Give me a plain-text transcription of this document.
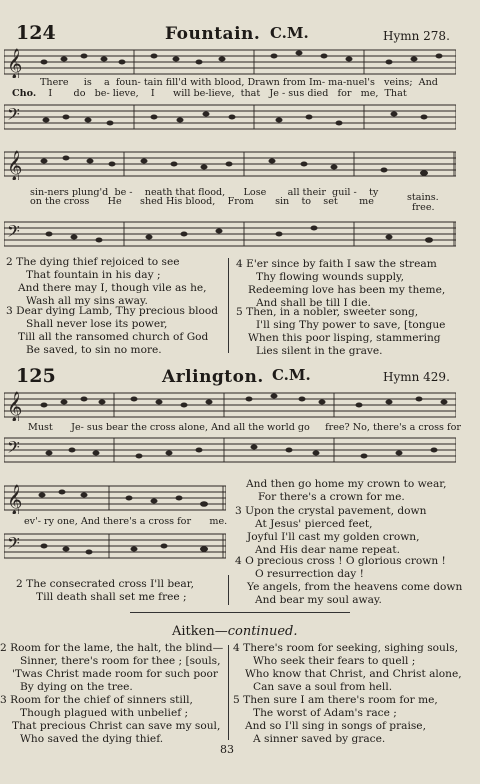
124	Fountain. C.M.	Hymn 278.
𝄞
There is a foun- tain fill'd with blood, Drawn from Im- ma-nuel's veins; And
Cho. I do be- lieve, I will be-lieve, that Je - sus died for me, That
𝄢
𝄞
sin-ners plung'd be - neath that flood, Lose all their guil - ty	stains.
on the cross He shed His blood, From sin to set me
free.
𝄢
2 The dying thief rejoiced to see
That fountain in his day ;
And there may I, though vile as he,
Wash all my sins away.
3 Dear dying Lamb, Thy precious blood
Shall never lose its power,
Till all the ransomed church of God
Be saved, to sin no more.
4 E'er since by faith I saw the stream
Thy flowing wounds supply,
Redeeming love has been my theme,
And shall be till I die.
5 Then, in a nobler, sweeter song,
I'll sing Thy power to save, [tongue
When this poor lisping, stammering
Lies silent in the grave.
125	Arlington. C.M.	Hymn 429.
𝄞
Must Je- sus bear the cross alone, And all the world go free? No, there's a cross for
𝄢
𝄞
ev'- ry one, And there's a cross for me.
𝄢
And then go home my crown to wear,
For there's a crown for me.
3 Upon the crystal pavement, down
At Jesus' pierced feet,
Joyful I'll cast my golden crown,
And His dear name repeat.
4 O precious cross ! O glorious crown !
O resurrection day !
Ye angels, from the heavens come down
And bear my soul away.
2 The consecrated cross I'll bear,
Till death shall set me free ;
Aitken—continued.
2 Room for the lame, the halt, the blind—
Sinner, there's room for thee ; [souls,
'Twas Christ made room for such poor
By dying on the tree.
3 Room for the chief of sinners still,
Though plagued with unbelief ;
That precious Christ can save my soul,
Who saved the dying thief.
4 There's room for seeking, sighing souls,
Who seek their fears to quell ;
Who know that Christ, and Christ alone,
Can save a soul from hell.
5 Then sure I am there's room for me,
The worst of Adam's race ;
And so I'll sing in songs of praise,
A sinner saved by grace.
83
